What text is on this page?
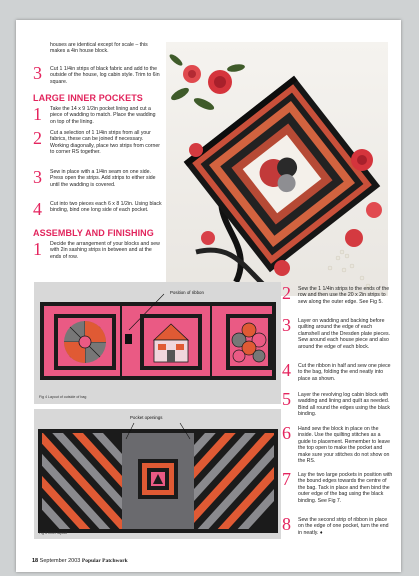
houses are identical except for scale – this makes a 4in house block.

3 Cut 1 1/4in strips of black fabric and add to the outside of the house, log cabin style. Trim to 6in square.

LARGE INNER POCKETS
1 Take the 14 x 9 1/2in pocket lining and cut a piece of wadding to match. Place the wadding on top of the lining.

2 Cut a selection of 1 1/4in strips from all your fabrics, these can be joined if necessary. Working diagonally, place two strips from corner to corner RS together.

3 Sew in place with a 1/4in seam on one side. Press open the strips. Add strips to either side until the wadding is covered.

4 Cut into two pieces each 6 x 8 1/2in. Using black binding, bind one long side of each pocket.

ASSEMBLY AND FINISHING
1 Decide the arrangement of your blocks and sew with 2in sashing strips in between and at the ends of row.

Position of ribbon
Fig 4 Layout of outside of bag
Pocket openings
Fig 5 Inner layout
2 Sew the 1 1/4in strips to the ends of the row and then use the 20 x 2in strips to sew along the outer edge. See Fig 5.

3 Layer on wadding and backing before quilting around the edge of each clamshell and the Dresden plate pieces. Sew around each house piece and also around the edge of each block.

4 Cut the ribbon in half and sew one piece to the bag, folding the end neatly into place as shown.

5 Layer the revolving log cabin block with wadding and lining and quilt as needed. Bind all round the edges using the black binding.

6 Hand sew the block in place on the inside. Use the quilting stitches as a guide to placement. Remember to leave the top open to make the pocket and make sure your stitches do not show on the RS.

7 Lay the two large pockets in position with the bound edges towards the centre of the bag. Tack in place and then bind the outer edge of the bag using the black binding. See Fig 7.

8 Sew the second strip of ribbon in place on the edge of one pocket, turn the end in neatly. ♦

18 September 2003 Popular Patchwork
